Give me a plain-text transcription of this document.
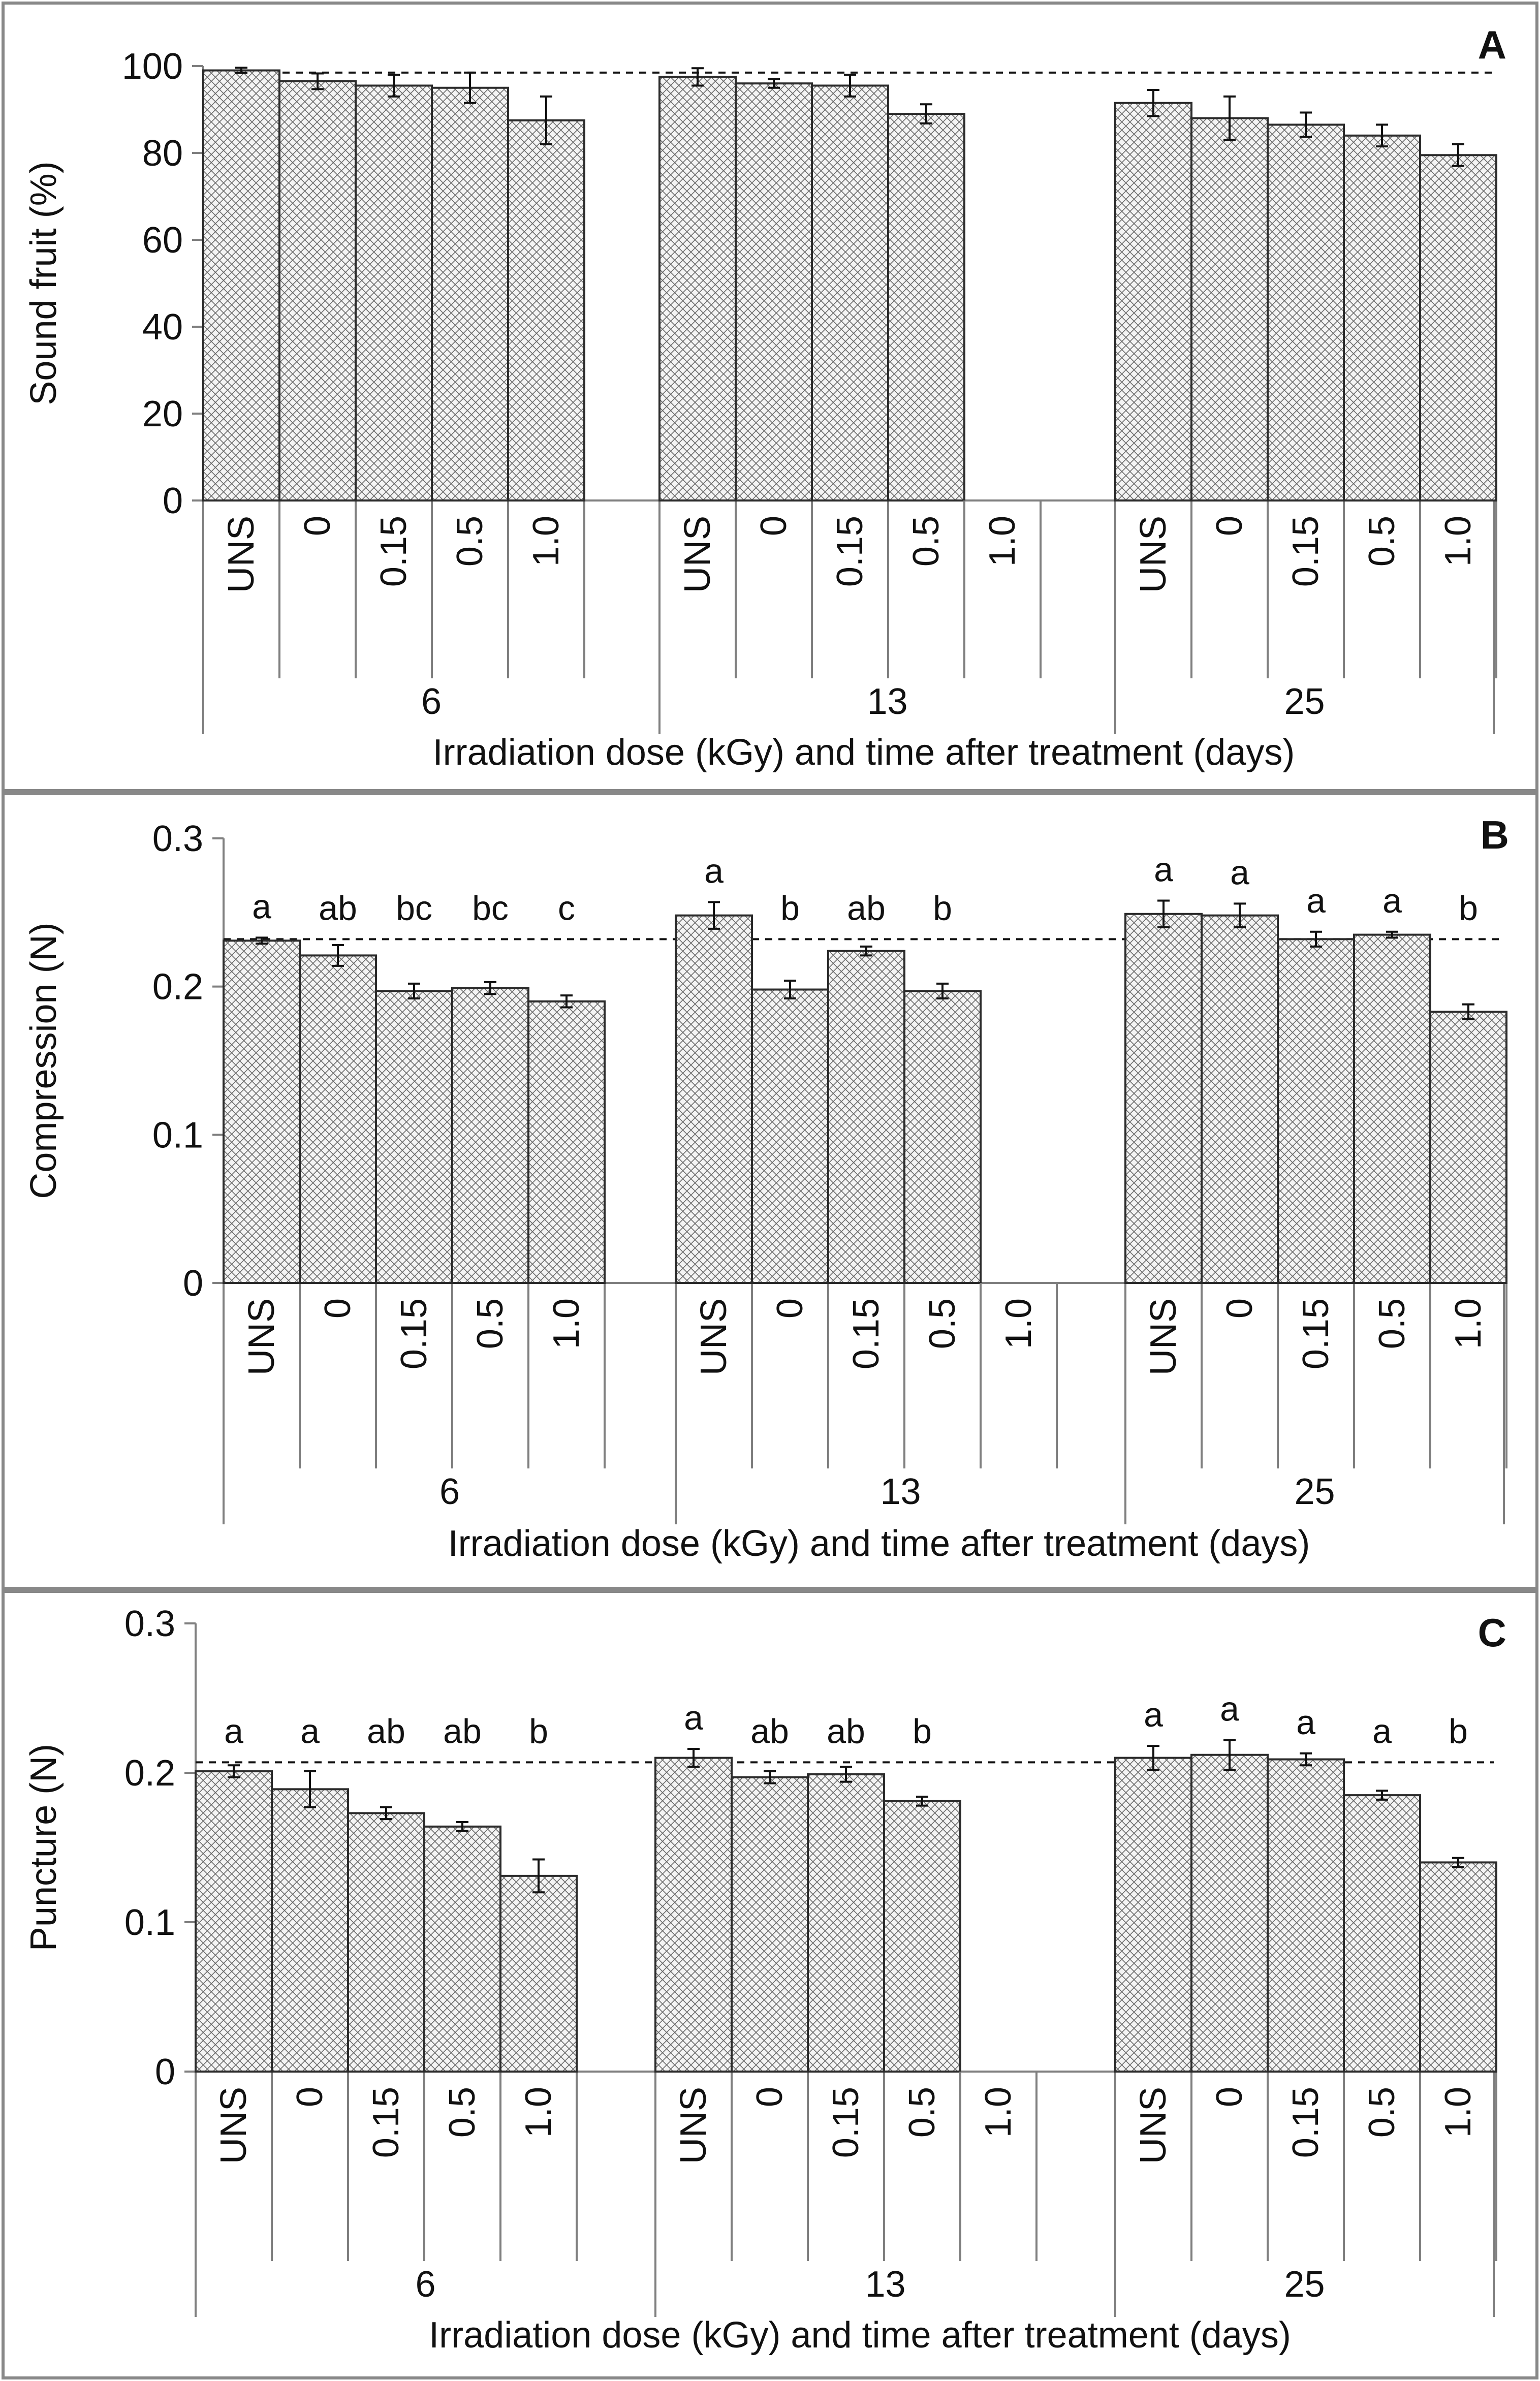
0
20
40
60
80
100
Sound fruit (%)
A
UNS 0 0.15 0.5 1.0
6
UNS 0 0.15 0.5 1.0
13
UNS 0 0.15 0.5 1.0
25
Irradiation dose (kGy) and time after treatment (days)
0
0.1
0.2
0.3
Compression (N)
B
UNS
a
0
ab
0.15
bc
0.5
bc
1.0
c
6
UNS
a
0
b
0.15
ab
0.5
b
1.0
13
UNS
a
0
a
0.15
a
0.5
a
1.0
b
25
Irradiation dose (kGy) and time after treatment (days)
0
0.1
0.2
0.3
Puncture (N)
C
UNS
a
0
a
0.15
ab
0.5
ab
1.0
b
6
UNS
a
0
ab
0.15
ab
0.5
b
1.0
13
UNS
a
0
a
0.15
a
0.5
a
1.0
b
25
Irradiation dose (kGy) and time after treatment (days)
